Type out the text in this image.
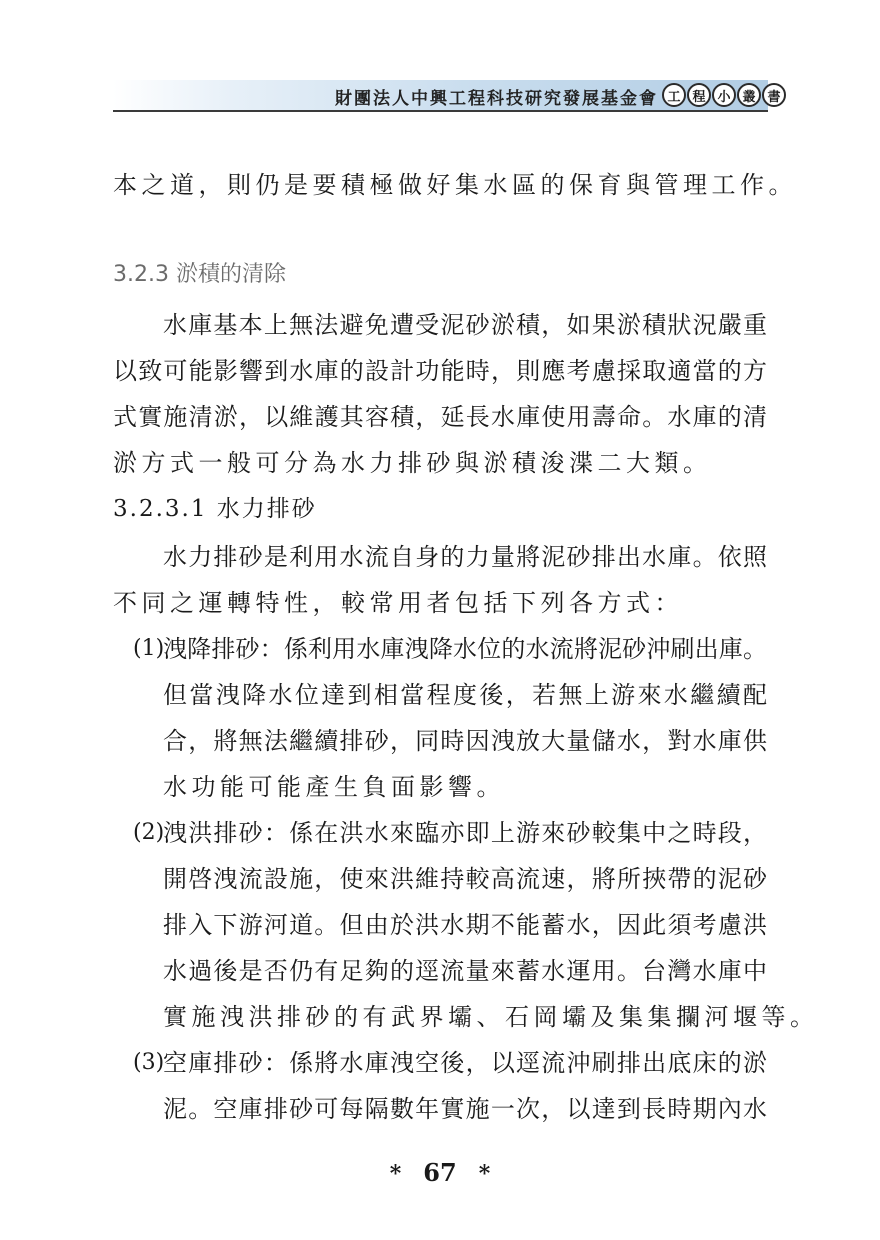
財團法人中興工程科技研究發展基金會 工 程 小 叢 書
本之道，則仍是要積極做好集水區的保育與管理工作。
3.2.3 淤積的清除
水庫基本上無法避免遭受泥砂淤積，如果淤積狀況嚴重
以致可能影響到水庫的設計功能時，則應考慮採取適當的方
式實施清淤，以維護其容積，延長水庫使用壽命。水庫的清
淤方式一般可分為水力排砂與淤積浚渫二大類。
3.2.3.1 水力排砂
水力排砂是利用水流自身的力量將泥砂排出水庫。依照
不同之運轉特性，較常用者包括下列各方式：
(1)
洩降排砂：係利用水庫洩降水位的水流將泥砂沖刷出庫。
但當洩降水位達到相當程度後，若無上游來水繼續配
合，將無法繼續排砂，同時因洩放大量儲水，對水庫供
水功能可能產生負面影響。
(2)
洩洪排砂：係在洪水來臨亦即上游來砂較集中之時段，
開啓洩流設施，使來洪維持較高流速，將所挾帶的泥砂
排入下游河道。但由於洪水期不能蓄水，因此須考慮洪
水過後是否仍有足夠的逕流量來蓄水運用。台灣水庫中
實施洩洪排砂的有武界壩、石岡壩及集集攔河堰等。
(3)
空庫排砂：係將水庫洩空後，以逕流沖刷排出底床的淤
泥。空庫排砂可每隔數年實施一次，以達到長時期內水
* 67 *
